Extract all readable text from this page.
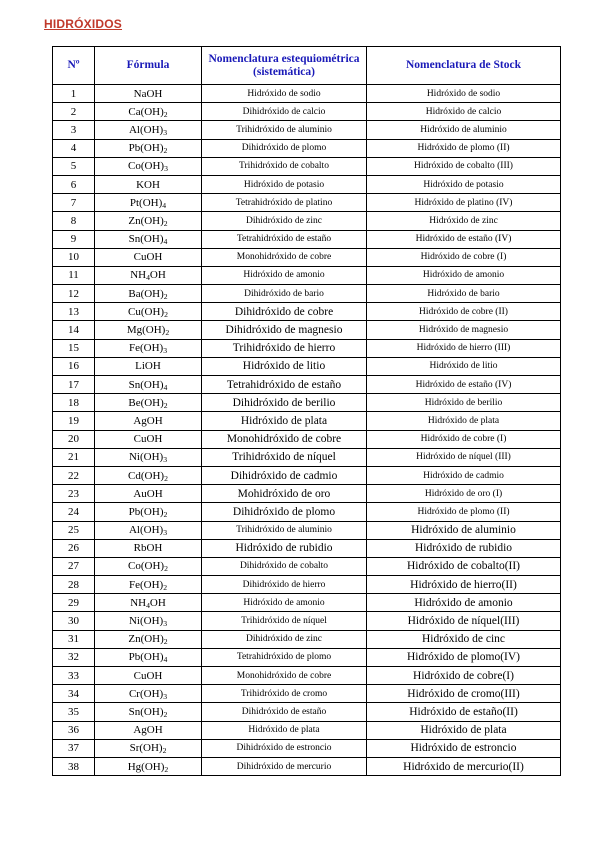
HIDRÓXIDOS
Nº	Fórmula	Nomenclatura estequiométrica (sistemática)	Nomenclatura de Stock
1	NaOH	Hidróxido de sodio	Hidróxido de sodio
2	$Ca(OH)_2$	Dihidróxido de calcio	Hidróxido de calcio
3	$Al(OH)_3$	Trihidróxido de aluminio	Hidróxido de aluminio
4	$Pb(OH)_2$	Dihidróxido de plomo	Hidróxido de plomo (II)
5	$Co(OH)_3$	Trihidróxido de cobalto	Hidróxido de cobalto (III)
6	KOH	Hidróxido de potasio	Hidróxido de potasio
7	$Pt(OH)_4$	Tetrahidróxido de platino	Hidróxido de platino (IV)
8	$Zn(OH)_2$	Dihidróxido de zinc	Hidróxido de zinc
9	$Sn(OH)_4$	Tetrahidróxido de estaño	Hidróxido de estaño (IV)
10	CuOH	Monohidróxido de cobre	Hidróxido de cobre (I)
11	$NH_4OH$	Hidróxido de amonio	Hidróxido de amonio
12	$Ba(OH)_2$	Dihidróxido de bario	Hidróxido de bario
13	$Cu(OH)_2$	Dihidróxido de cobre	Hidróxido de cobre (II)
14	$Mg(OH)_2$	Dihidróxido de magnesio	Hidróxido de magnesio
15	$Fe(OH)_3$	Trihidróxido de hierro	Hidróxido de hierro (III)
16	LiOH	Hidróxido de litio	Hidróxido de litio
17	$Sn(OH)_4$	Tetrahidróxido de estaño	Hidróxido de estaño (IV)
18	$Be(OH)_2$	Dihidróxido de berilio	Hidróxido de berilio
19	AgOH	Hidróxido de plata	Hidróxido de plata
20	CuOH	Monohidróxido de cobre	Hidróxido de cobre (I)
21	$Ni(OH)_3$	Trihidróxido de níquel	Hidróxido de níquel (III)
22	$Cd(OH)_2$	Dihidróxido de cadmio	Hidróxido de cadmio
23	AuOH	Mohidróxido de oro	Hidróxido de oro (I)
24	$Pb(OH)_2$	Dihidróxido de plomo	Hidróxido de plomo (II)
25	$Al(OH)_3$	Trihidróxido de aluminio	Hidróxido de aluminio
26	RbOH	Hidróxido de rubidio	Hidróxido de rubidio
27	$Co(OH)_2$	Dihidróxido de cobalto	Hidróxido de cobalto(II)
28	$Fe(OH)_2$	Dihidróxido de hierro	Hidróxido de hierro(II)
29	$NH_4OH$	Hidróxido de amonio	Hidróxido de amonio
30	$Ni(OH)_3$	Trihidróxido de níquel	Hidróxido de níquel(III)
31	$Zn(OH)_2$	Dihidróxido de zinc	Hidróxido de cinc
32	$Pb(OH)_4$	Tetrahidróxido de plomo	Hidróxido de plomo(IV)
33	CuOH	Monohidróxido de cobre	Hidróxido de cobre(I)
34	$Cr(OH)_3$	Trihidróxido de cromo	Hidróxido de cromo(III)
35	$Sn(OH)_2$	Dihidróxido de estaño	Hidróxido de estaño(II)
36	AgOH	Hidróxido de plata	Hidróxido de plata
37	$Sr(OH)_2$	Dihidróxido de estroncio	Hidróxido de estroncio
38	$Hg(OH)_2$	Dihidróxido de mercurio	Hidróxido de mercurio(II)
